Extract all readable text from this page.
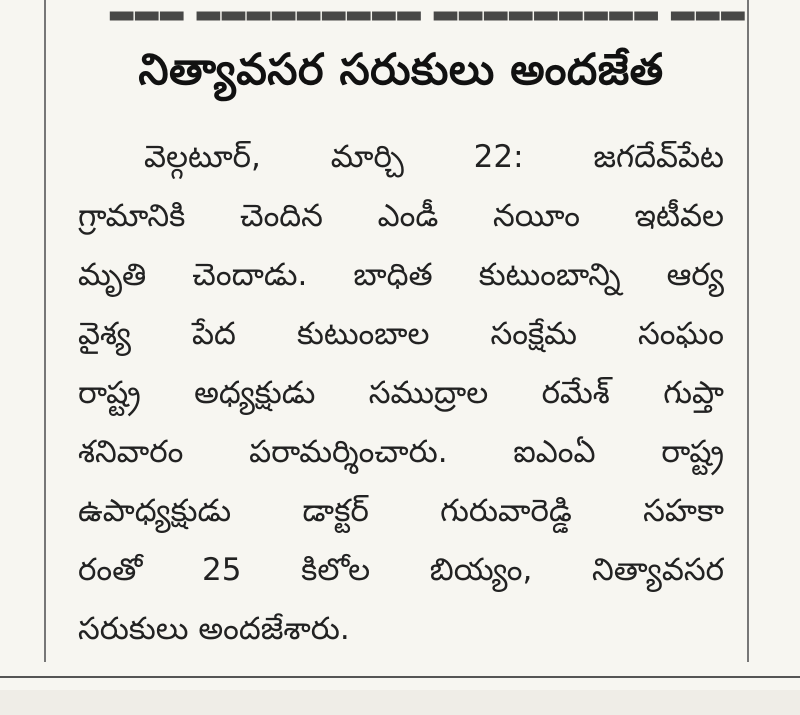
▂▂▂ ▂▂▂▂▂▂▂▂▂ ▂▂▂▂▂▂▂▂▂ ▂▂▂
నిత్యావసర సరుకులు అందజేత
వెల్గటూర్, మార్చి 22: జగదేవ్‌పేట
గ్రామానికి చెందిన ఎండీ నయీం ఇటీవల
మృతి చెందాడు. బాధిత కుటుంబాన్ని ఆర్య
వైశ్య పేద కుటుంబాల సంక్షేమ సంఘం
రాష్ట్ర అధ్యక్షుడు సముద్రాల రమేశ్ గుప్తా
శనివారం పరామర్శించారు. ఐఎంఏ రాష్ట్ర
ఉపాధ్యక్షుడు డాక్టర్ గురువారెడ్డి సహకా
రంతో 25 కిలోల బియ్యం, నిత్యావసర
సరుకులు అందజేశారు.
